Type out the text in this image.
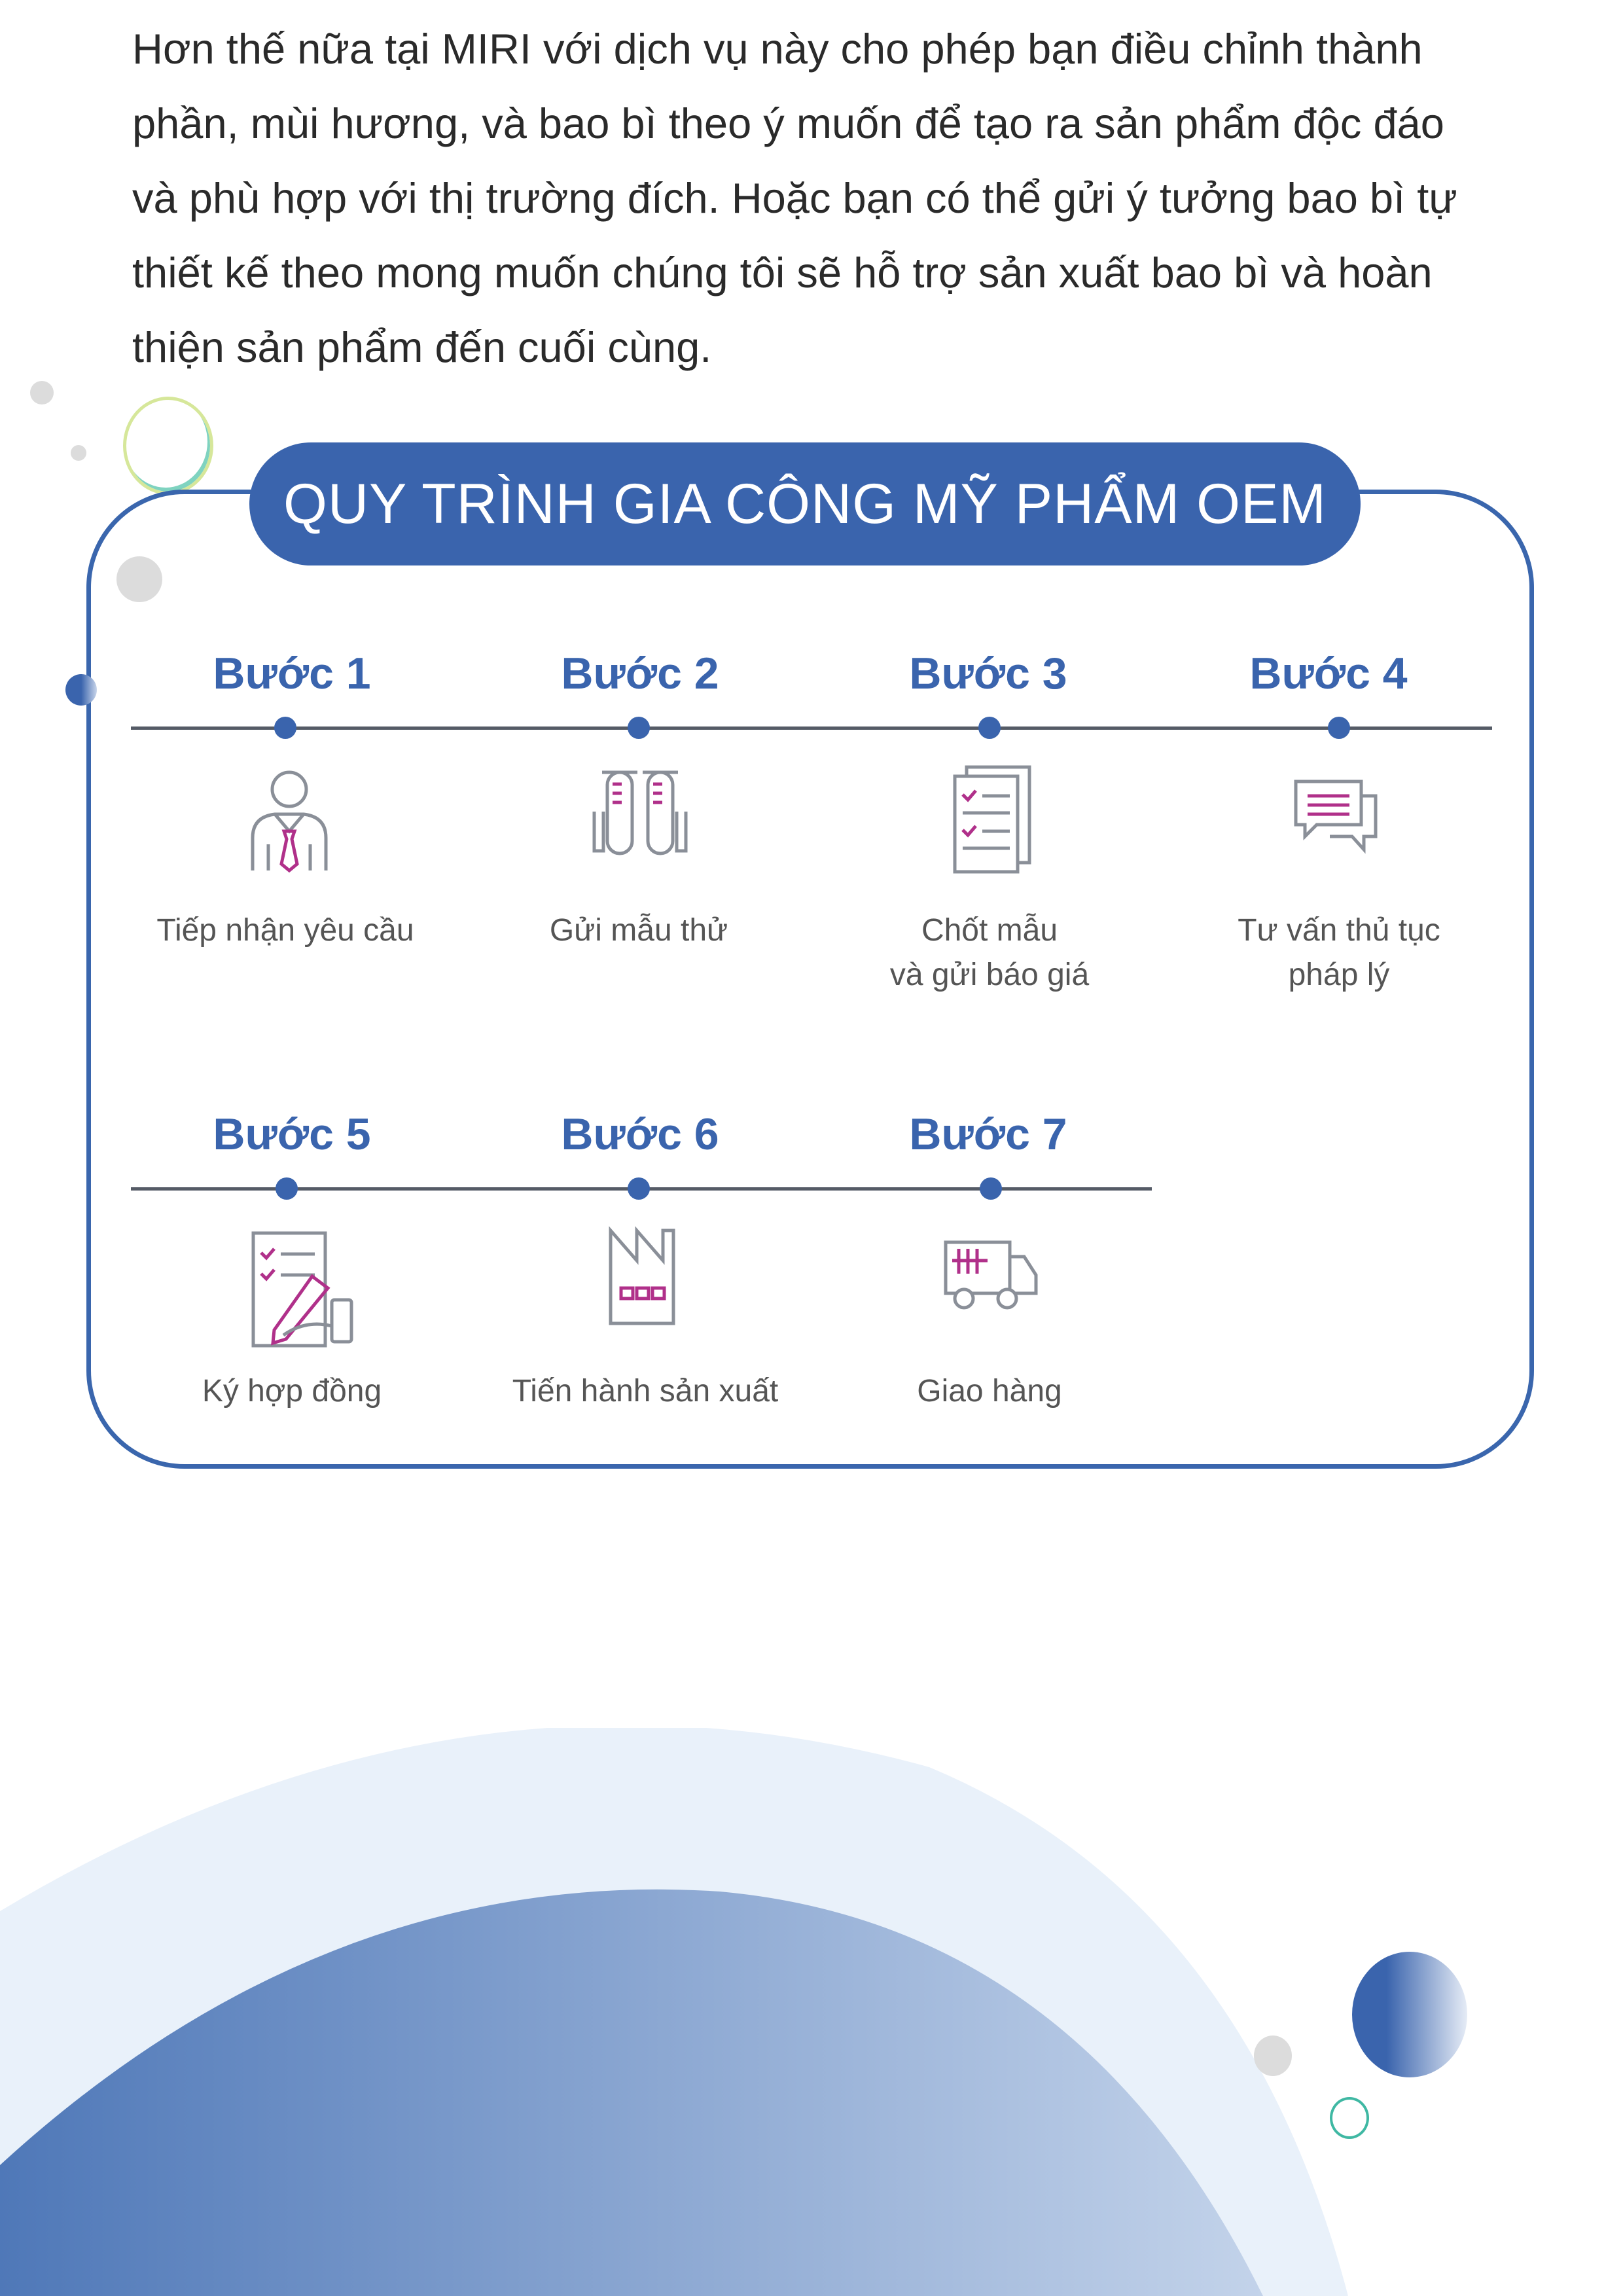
Hơn thế nữa tại MIRI với dịch vụ này cho phép bạn điều chỉnh thành
phần, mùi hương, và bao bì theo ý muốn để tạo ra sản phẩm độc đáo
và phù hợp với thị trường đích. Hoặc bạn có thể gửi ý tưởng bao bì tự
thiết kế theo mong muốn chúng tôi sẽ hỗ trợ sản xuất bao bì và hoàn
thiện sản phẩm đến cuối cùng.
QUY TRÌNH GIA CÔNG MỸ PHẨM OEM
Bước 1
Tiếp nhận yêu cầu
Bước 2
Gửi mẫu thử
Bước 3
Chốt mẫu
và gửi báo giá
Bước 4
Tư vấn thủ tục
pháp lý
Bước 5
Ký hợp đồng
Bước 6
Tiến hành sản xuất
Bước 7
Giao hàng
